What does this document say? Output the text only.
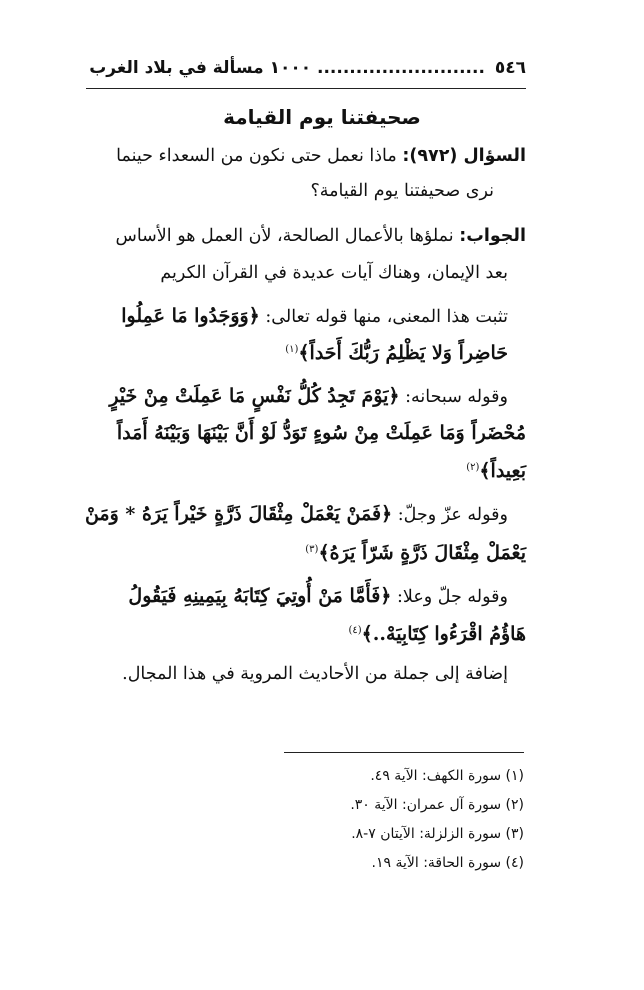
٥٤٦ .......................... ١٠٠٠ مسألة في بلاد الغرب
صحيفتنا يوم القيامة
السؤال (٩٧٢): ماذا نعمل حتى نكون من السعداء حينما
نرى صحيفتنا يوم القيامة؟
الجواب: نملؤها بالأعمال الصالحة، لأن العمل هو الأساس
بعد الإيمان، وهناك آيات عديدة في القرآن الكريم
تثبت هذا المعنى، منها قوله تعالى: ﴿وَوَجَدُوا مَا عَمِلُوا
حَاضِراً وَلا يَظْلِمُ رَبُّكَ أَحَداً﴾$^{(١)}$
وقوله سبحانه: ﴿يَوْمَ تَجِدُ كُلُّ نَفْسٍ مَا عَمِلَتْ مِنْ خَيْرٍ
مُحْضَراً وَمَا عَمِلَتْ مِنْ سُوءٍ تَوَدُّ لَوْ أَنَّ بَيْنَهَا وَبَيْنَهُ أَمَداً
بَعِيداً﴾$^{(٢)}$
وقوله عزّ وجلّ: ﴿فَمَنْ يَعْمَلْ مِثْقَالَ ذَرَّةٍ خَيْراً يَرَهُ * وَمَنْ
يَعْمَلْ مِثْقَالَ ذَرَّةٍ شَرّاً يَرَهُ﴾$^{(٣)}$
وقوله جلّ وعلا: ﴿فَأَمَّا مَنْ أُوتِيَ كِتَابَهُ بِيَمِينِهِ فَيَقُولُ
هَاؤُمُ اقْرَءُوا كِتَابِيَهْ..﴾$^{(٤)}$
إضافة إلى جملة من الأحاديث المروية في هذا المجال.
(١) سورة الكهف: الآية ٤٩.
(٢) سورة آل عمران: الآية ٣٠.
(٣) سورة الزلزلة: الآيتان ٧-٨.
(٤) سورة الحاقة: الآية ١٩.
